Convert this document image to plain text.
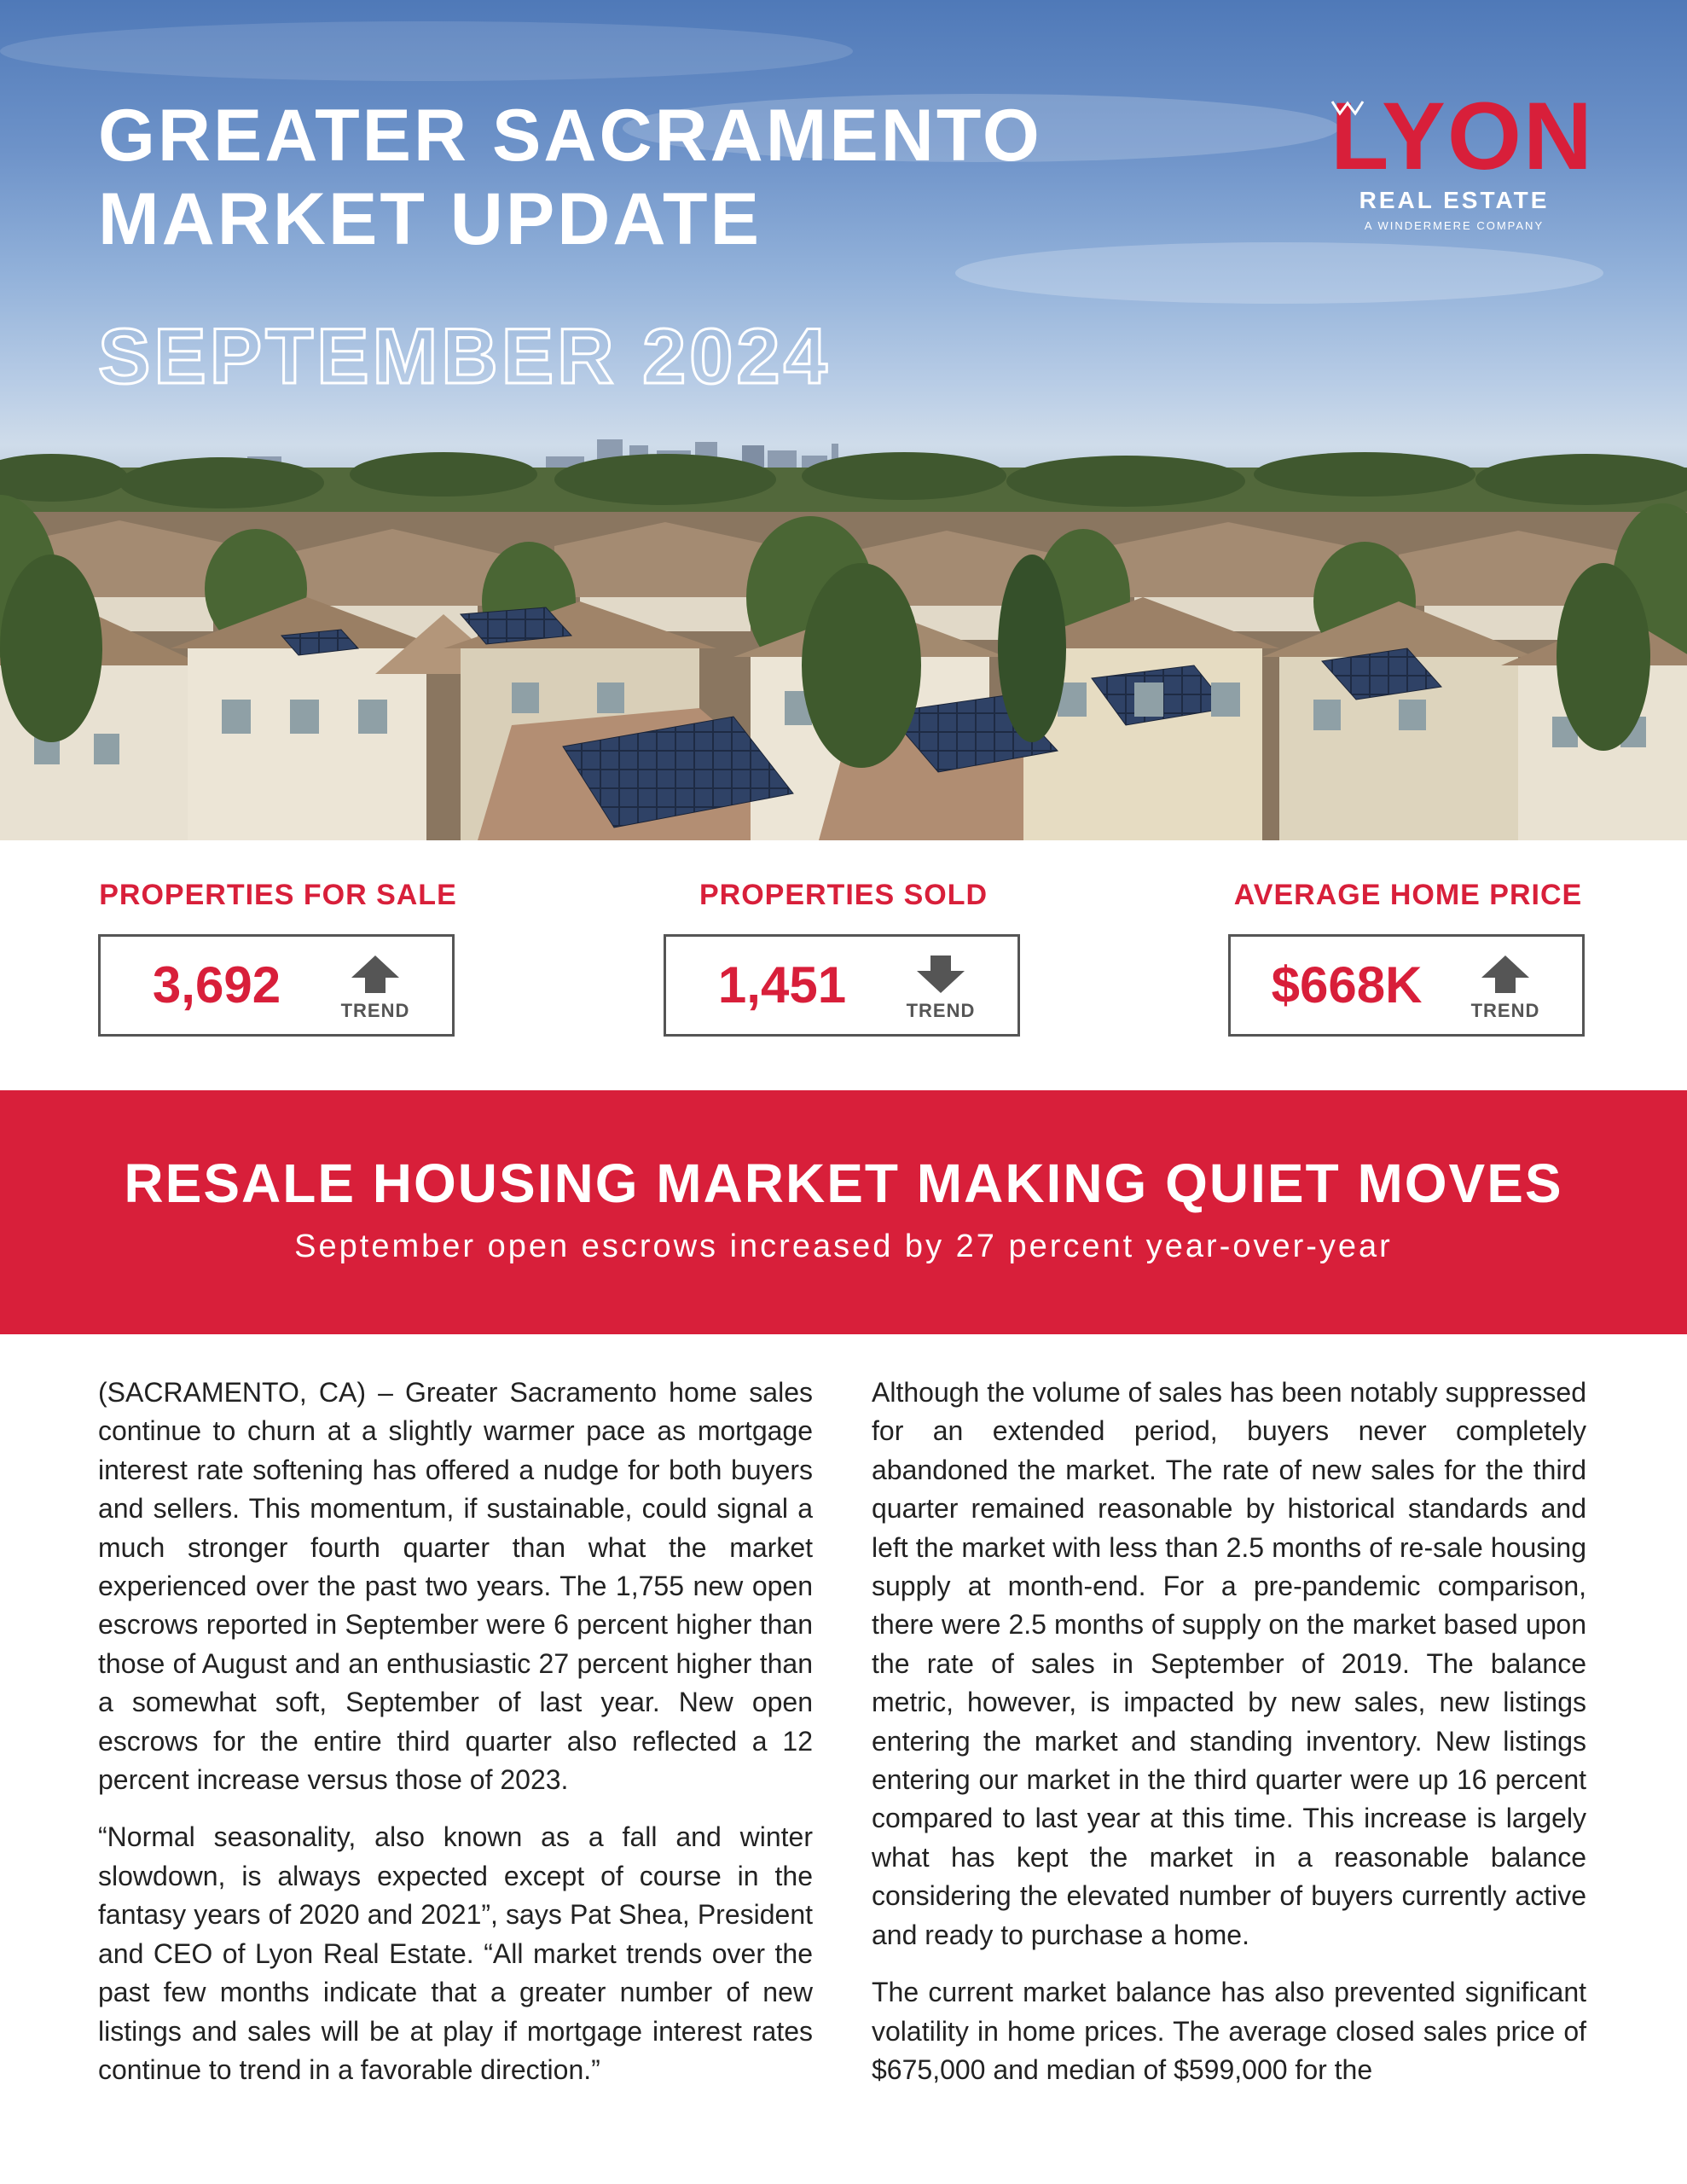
GREATER SACRAMENTO
MARKET UPDATE
SEPTEMBER 2024
LYON
REAL ESTATE
A WINDERMERE COMPANY
PROPERTIES FOR SALE
3,692	TREND
PROPERTIES SOLD
1,451	TREND
AVERAGE HOME PRICE
$668K	TREND
RESALE HOUSING MARKET MAKING QUIET MOVES

September open escrows increased by 27 percent year-over-year

(SACRAMENTO, CA) – Greater Sacramento home sales continue to churn at a slightly warmer pace as mortgage interest rate softening has offered a nudge for both buyers and sellers. This momentum, if sustainable, could signal a much stronger fourth quarter than what the market experienced over the past two years. The 1,755 new open escrows reported in September were 6 percent higher than those of August and an enthusiastic 27 percent higher than a somewhat soft, September of last year. New open escrows for the entire third quarter also reflected a 12 percent increase versus those of 2023.

“Normal seasonality, also known as a fall and winter slowdown, is always expected except of course in the fantasy years of 2020 and 2021”, says Pat Shea, President and CEO of Lyon Real Estate. “All market trends over the past few months indicate that a greater number of new listings and sales will be at play if mortgage interest rates continue to trend in a favorable direction.”

Although the volume of sales has been notably suppressed for an extended period, buyers never completely abandoned the market. The rate of new sales for the third quarter remained reasonable by historical standards and left the market with less than 2.5 months of re-sale housing supply at month-end. For a pre-pandemic comparison, there were 2.5 months of supply on the market based upon the rate of sales in September of 2019. The balance metric, however, is impacted by new sales, new listings entering the market and standing inventory. New listings entering our market in the third quarter were up 16 percent compared to last year at this time. This increase is largely what has kept the market in a reasonable balance considering the elevated number of buyers currently active and ready to purchase a home.

The current market balance has also prevented significant volatility in home prices. The average closed sales price of $675,000 and median of $599,000 for the
